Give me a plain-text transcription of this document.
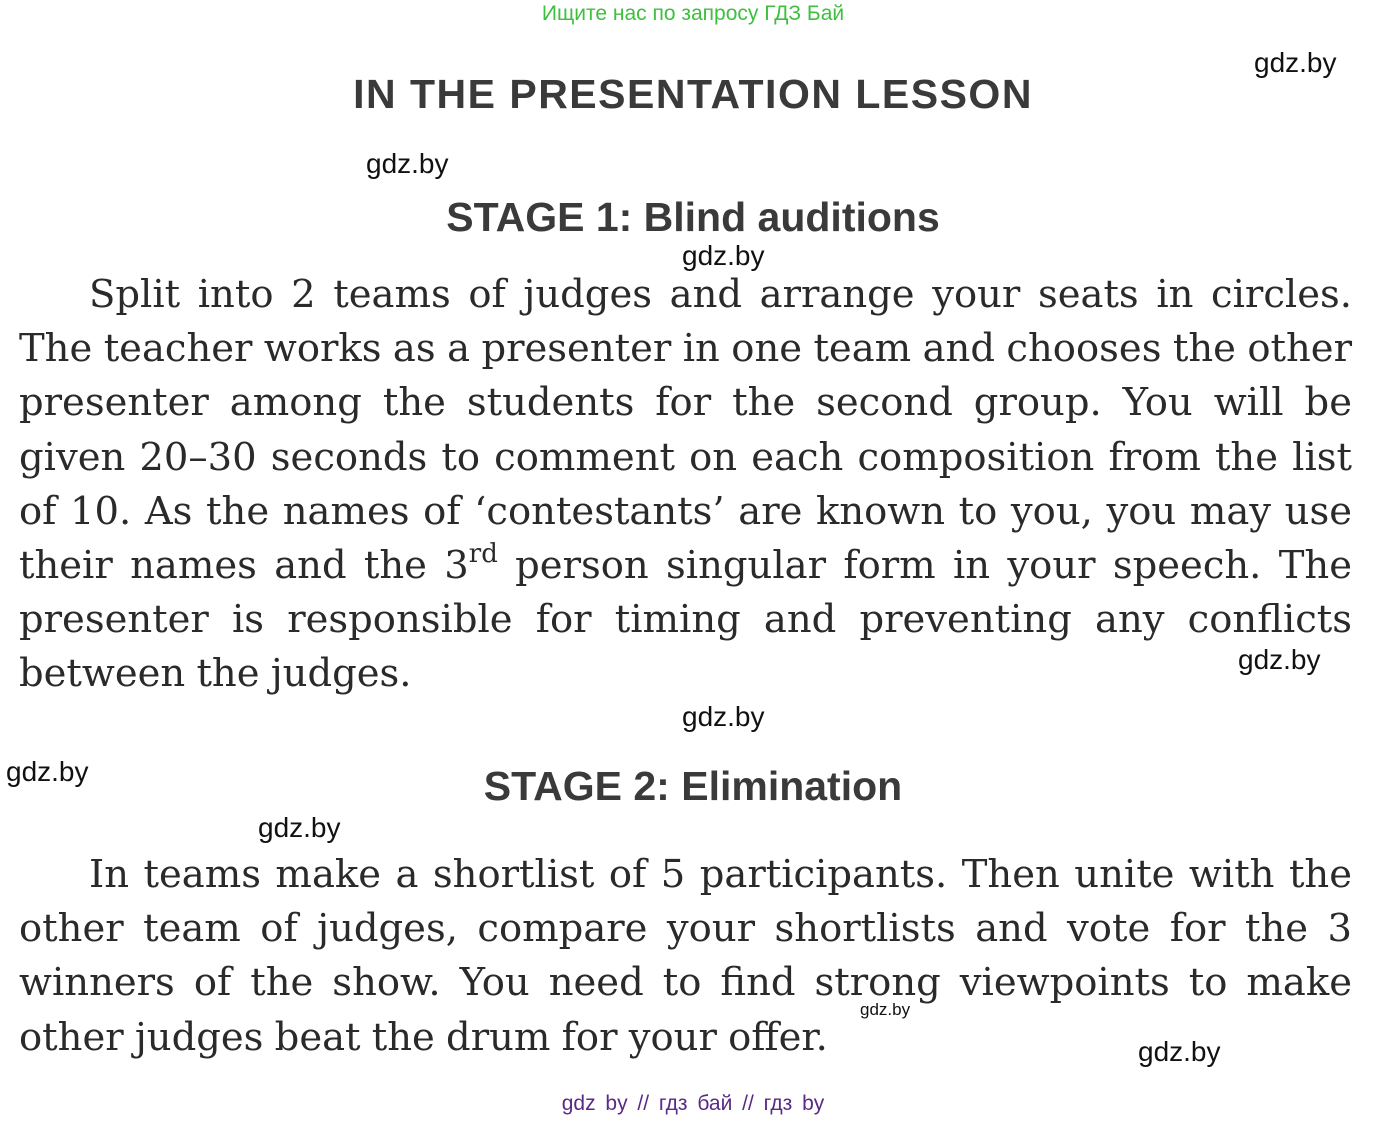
Ищите нас по запросу ГДЗ Бай
IN THE PRESENTATION LESSON
STAGE 1: Blind auditions

Split into 2 teams of judges and arrange your seats in circles. The teacher works as a presenter in one team and chooses the other presenter among the students for the second group. You will be given 20–30 seconds to comment on each composition from the list of 10. As the names of ‘contestants’ are known to you, you may use their names and the 3rd person singular form in your speech. The presenter is responsible for timing and preventing any conflicts between the judges.

STAGE 2: Elimination

In teams make a shortlist of 5 participants. Then unite with the other team of judges, compare your shortlists and vote for the 3 winners of the show. You need to find strong viewpoints to make other judges beat the drum for your offer.

gdz.by
gdz.by
gdz.by
gdz.by
gdz.by
gdz.by
gdz.by
gdz.by
gdz.by
gdz by // гдз бай // гдз by
